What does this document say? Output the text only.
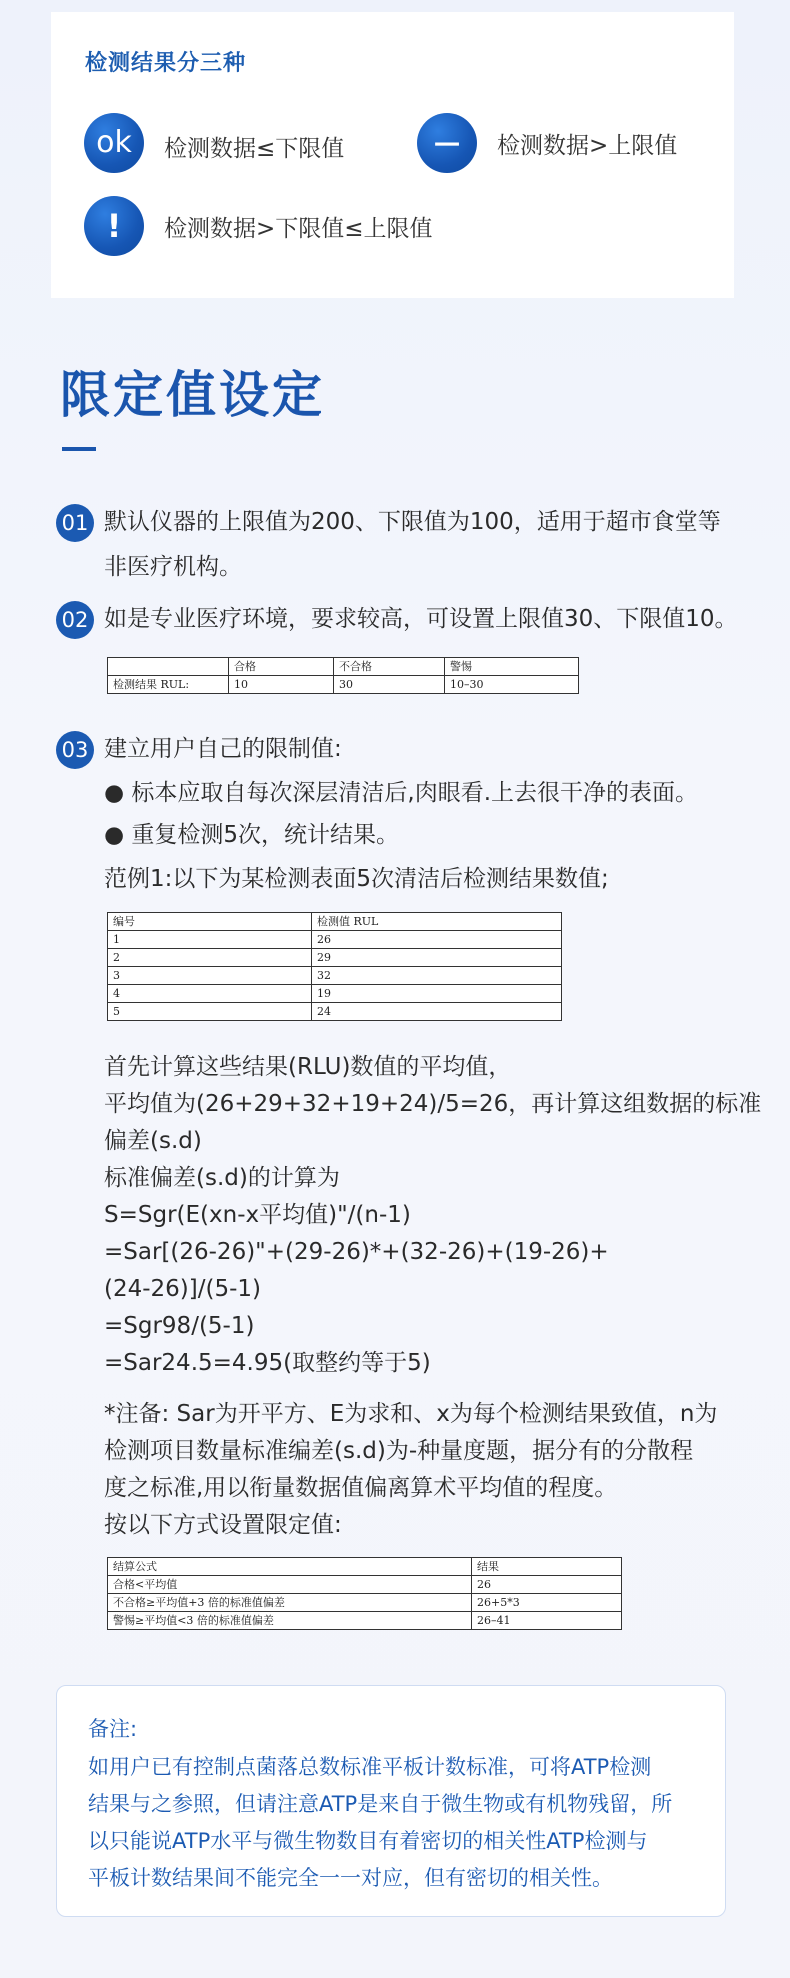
检测结果分三种
ok 检测数据≤下限值 − 检测数据>上限值
! 检测数据>下限值≤上限值
限定值设定
01 默认仪器的上限值为200、下限值为100，适用于超市食堂等
非医疗机构。
02 如是专业医疗环境，要求较高，可设置上限值30、下限值10。
	合格	不合格	警惕
检测结果 RUL:	10	30	10–30
03 建立用户自己的限制值:
● 标本应取自每次深层清洁后,肉眼看.上去很干净的表面。
● 重复检测5次，统计结果。
范例1:以下为某检测表面5次清洁后检测结果数值;
编号	检测值 RUL
1	26
2	29
3	32
4	19
5	24
首先计算这些结果(RLU)数值的平均值，
平均值为(26+29+32+19+24)/5=26，再计算这组数据的标准
偏差(s.d)
标准偏差(s.d)的计算为
S=Sgr(E(xn-x平均值)"/(n-1)
=Sar[(26-26)"+(29-26)*+(32-26)+(19-26)+
(24-26)]/(5-1)
=Sgr98/(5-1)
=Sar24.5=4.95(取整约等于5)
*注备: Sar为开平方、E为求和、x为每个检测结果致值，n为
检测项目数量标准编差(s.d)为-种量度题，据分有的分散程
度之标准,用以衔量数据值偏离算术平均值的程度。
按以下方式设置限定值:
结算公式	结果
合格<平均值	26
不合格≥平均值+3 倍的标准值偏差	26+5*3
警惕≥平均值<3 倍的标准值偏差	26–41
备注:
如用户已有控制点菌落总数标准平板计数标准，可将ATP检测
结果与之参照，但请注意ATP是来自于微生物或有机物残留，所
以只能说ATP水平与微生物数目有着密切的相关性ATP检测与
平板计数结果间不能完全一一对应，但有密切的相关性。
